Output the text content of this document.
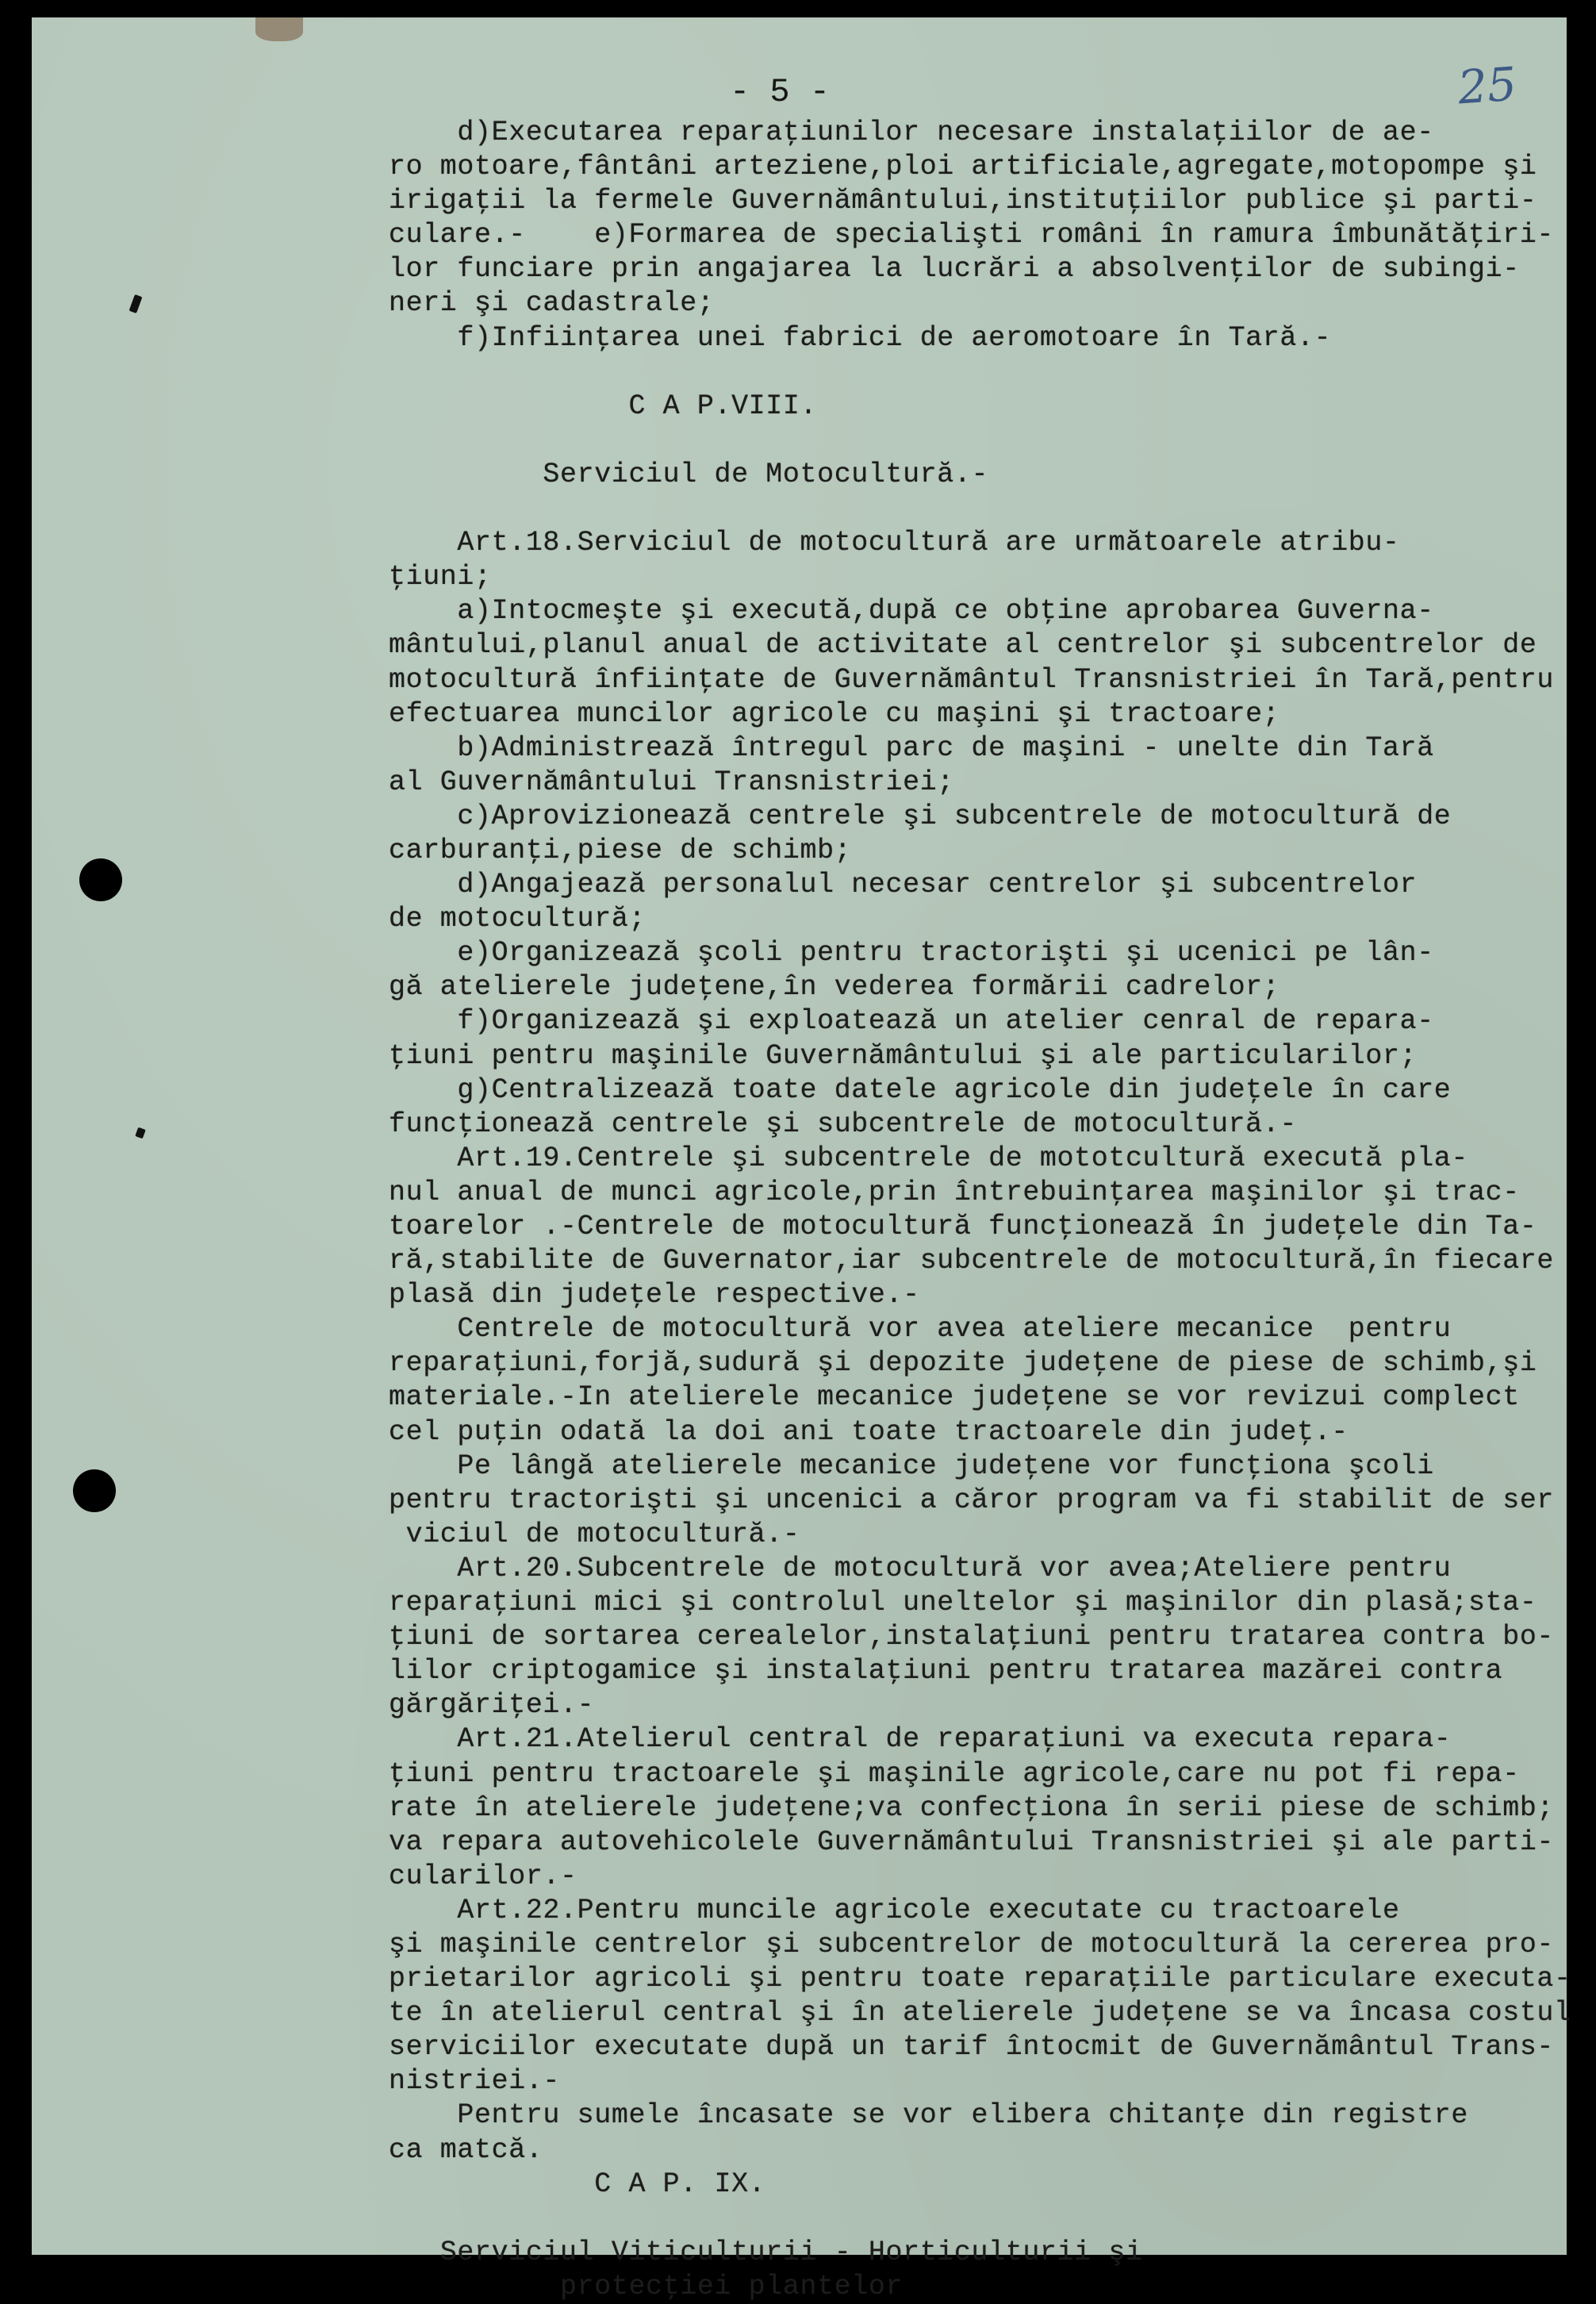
25
- 5 -
d)Executarea reparaţiunilor necesare instalaţiilor de ae-
ro motoare,fântâni arteziene,ploi artificiale,agregate,motopompe şi
irigaţii la fermele Guvernământului,instituţiilor publice şi parti-
culare.-    e)Formarea de specialişti români în ramura îmbunătăţiri-
lor funciare prin angajarea la lucrări a absolvenţilor de subingi-
neri şi cadastrale;
f)Infiinţarea unei fabrici de aeromotoare în Tară.-
C A P.VIII.
Serviciul de Motocultură.-
Art.18.Serviciul de motocultură are următoarele atribu-
ţiuni;
a)Intocmeşte şi execută,după ce obţine aprobarea Guverna-
mântului,planul anual de activitate al centrelor şi subcentrelor de
motocultură înfiinţate de Guvernământul Transnistriei în Tară,pentru
efectuarea muncilor agricole cu maşini şi tractoare;
b)Administrează întregul parc de maşini - unelte din Tară
al Guvernământului Transnistriei;
c)Aprovizionează centrele şi subcentrele de motocultură de
carburanţi,piese de schimb;
d)Angajează personalul necesar centrelor şi subcentrelor
de motocultură;
e)Organizează şcoli pentru tractorişti şi ucenici pe lân-
gă atelierele judeţene,în vederea formării cadrelor;
f)Organizează şi exploatează un atelier cenral de repara-
ţiuni pentru maşinile Guvernământului şi ale particularilor;
g)Centralizează toate datele agricole din judeţele în care
funcţionează centrele şi subcentrele de motocultură.-
Art.19.Centrele şi subcentrele de mototcultură execută pla-
nul anual de munci agricole,prin întrebuinţarea maşinilor şi trac-
toarelor .-Centrele de motocultură funcţionează în judeţele din Ta-
ră,stabilite de Guvernator,iar subcentrele de motocultură,în fiecare
plasă din judeţele respective.-
Centrele de motocultură vor avea ateliere mecanice  pentru
reparaţiuni,forjă,sudură şi depozite judeţene de piese de schimb,şi
materiale.-In atelierele mecanice judeţene se vor revizui complect
cel puţin odată la doi ani toate tractoarele din judeţ.-
Pe lângă atelierele mecanice judeţene vor funcţiona şcoli
pentru tractorişti şi uncenici a căror program va fi stabilit de ser
viciul de motocultură.-
Art.20.Subcentrele de motocultură vor avea;Ateliere pentru
reparaţiuni mici şi controlul uneltelor şi maşinilor din plasă;sta-
ţiuni de sortarea cerealelor,instalaţiuni pentru tratarea contra bo-
lilor criptogamice şi instalaţiuni pentru tratarea mazărei contra
gărgăriţei.-
Art.21.Atelierul central de reparaţiuni va executa repara-
ţiuni pentru tractoarele şi maşinile agricole,care nu pot fi repa-
rate în atelierele judeţene;va confecţiona în serii piese de schimb;
va repara autovehicolele Guvernământului Transnistriei şi ale parti-
cularilor.-
Art.22.Pentru muncile agricole executate cu tractoarele
şi maşinile centrelor şi subcentrelor de motocultură la cererea pro-
prietarilor agricoli şi pentru toate reparaţiile particulare executa-
te în atelierul central şi în atelierele judeţene se va încasa costul
serviciilor executate după un tarif întocmit de Guvernământul Trans-
nistriei.-
Pentru sumele încasate se vor elibera chitanţe din registre
ca matcă.
C A P. IX.
Serviciul Viticulturii - Horticulturii şi
protecţiei plantelor
